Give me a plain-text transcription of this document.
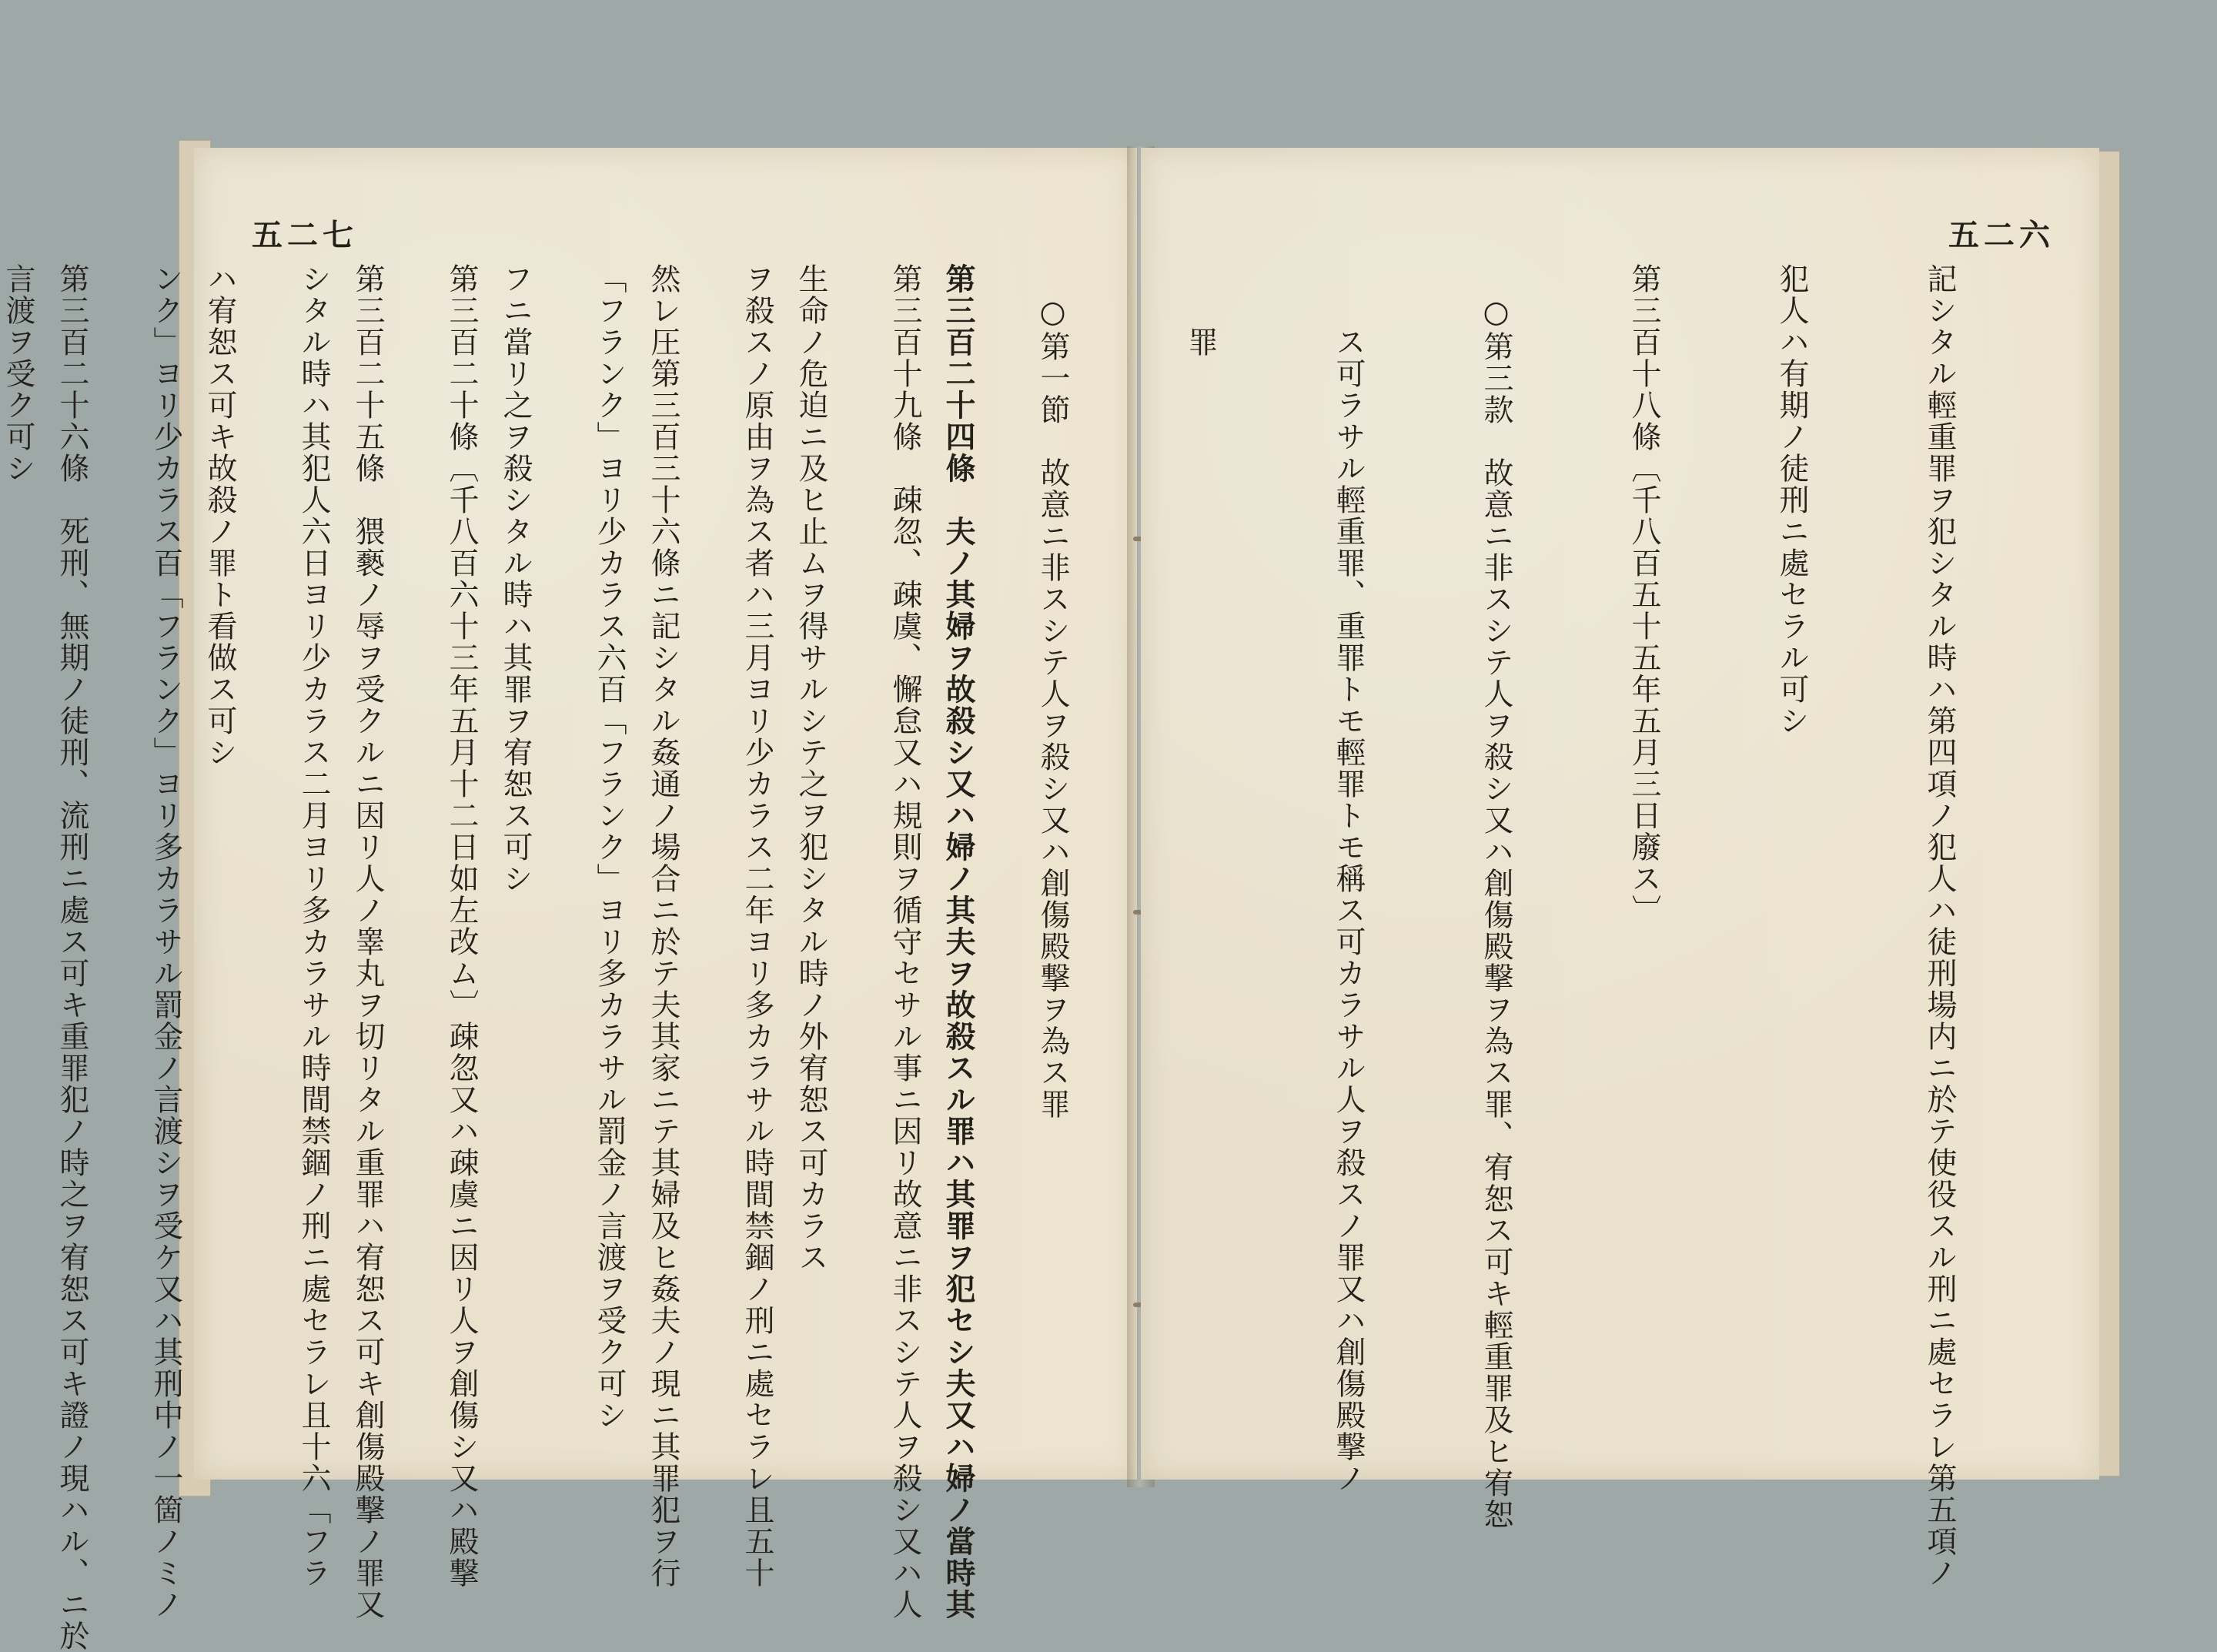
五二七

第三百二十四條　夫ノ其婦ヲ故殺シ又ハ婦ノ其夫ヲ故殺スル罪ハ其罪ヲ犯セシ夫又ハ婦ノ當時其

生命ノ危迫ニ及ヒ止ムヲ得サルシテ之ヲ犯シタル時ノ外宥恕ス可カラス

然レ圧第三百三十六條ニ記シタル姦通ノ場合ニ於テ夫其家ニテ其婦及ヒ姦夫ノ現ニ其罪犯ヲ行

フニ當リ之ヲ殺シタル時ハ其罪ヲ宥恕ス可シ

第三百二十五條　猥褻ノ辱ヲ受クルニ因リ人ノ睾丸ヲ切リタル重罪ハ宥恕ス可キ創傷殿撃ノ罪又

ハ宥恕ス可キ故殺ノ罪ト看做ス可シ

第三百二十六條　死刑、無期ノ徒刑、流刑ニ處ス可キ重罪犯ノ時之ヲ宥恕ス可キ證ノ現ハル、ニ於

五二六

記シタル輕重罪ヲ犯シタル時ハ第四項ノ犯人ハ徒刑場内ニ於テ使役スル刑ニ處セラレ第五項ノ

犯人ハ有期ノ徒刑ニ處セラル可シ

第三百十八條〔千八百五十五年五月三日廢ス〕

　○第三款　故意ニ非スシテ人ヲ殺シ又ハ創傷殿撃ヲ為ス罪、宥恕ス可キ輕重罪及ヒ宥恕

　　ス可ラサル輕重罪、重罪トモ輕罪トモ稱ス可カラサル人ヲ殺スノ罪又ハ創傷殿撃ノ

　　罪

　○第一節　故意ニ非スシテ人ヲ殺シ又ハ創傷殿撃ヲ為ス罪

第三百十九條　疎忽、疎虞、懈怠又ハ規則ヲ循守セサル事ニ因リ故意ニ非スシテ人ヲ殺シ又ハ人

ヲ殺スノ原由ヲ為ス者ハ三月ヨリ少カラス二年ヨリ多カラサル時間禁錮ノ刑ニ處セラレ且五十

「フランク」ヨリ少カラス六百「フランク」ヨリ多カラサル罰金ノ言渡ヲ受ク可シ

第三百二十條〔千八百六十三年五月十二日如左改ム〕疎忽又ハ疎虞ニ因リ人ヲ創傷シ又ハ殿撃

シタル時ハ其犯人六日ヨリ少カラス二月ヨリ多カラサル時間禁錮ノ刑ニ處セラレ且十六「フラ

ンク」ヨリ少カラス百「フランク」ヨリ多カラサル罰金ノ言渡シヲ受ケ又ハ其刑中ノ一箇ノミノ

言渡ヲ受ク可シ
